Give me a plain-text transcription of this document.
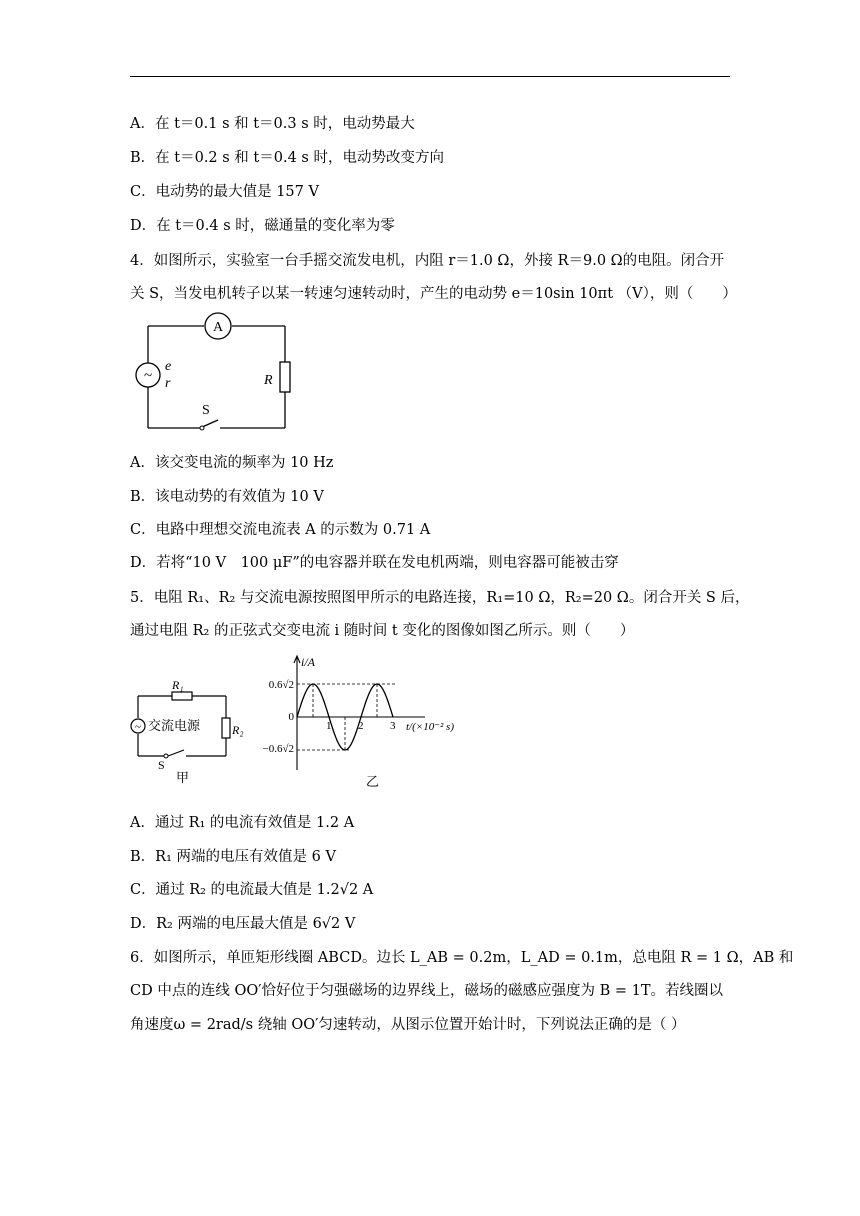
A．在 t＝0.1 s 和 t＝0.3 s 时，电动势最大
B．在 t＝0.2 s 和 t＝0.4 s 时，电动势改变方向
C．电动势的最大值是 157 V
D．在 t＝0.4 s 时，磁通量的变化率为零
4．如图所示，实验室一台手摇交流发电机，内阻 r＝1.0 Ω，外接 R＝9.0 Ω的电阻。闭合开
关 S，当发电机转子以某一转速匀速转动时，产生的电动势 e＝10sin 10πt （V），则（　　）
A
~
e
r	R
S
A．该交变电流的频率为 10 Hz
B．该电动势的有效值为 10 V
C．电路中理想交流电流表 A 的示数为 0.71 A
D．若将“10 V　100 μF”的电容器并联在发电机两端，则电容器可能被击穿
5．电阻 R₁、R₂ 与交流电源按照图甲所示的电路连接，R₁=10 Ω，R₂=20 Ω。闭合开关 S 后，
通过电阻 R₂ 的正弦式交变电流 i 随时间 t 变化的图像如图乙所示。则（　　）
R₁
R₂
~ 交流电源
S
甲
i/A
0.6√2
0
−0.6√2
t/(×10⁻² s)
1 2 3
乙
A．通过 R₁ 的电流有效值是 1.2 A
B．R₁ 两端的电压有效值是 6 V
C．通过 R₂ 的电流最大值是 1.2√2 A
D．R₂ 两端的电压最大值是 6√2 V
6．如图所示，单匝矩形线圈 ABCD。边长 L_AB = 0.2m，L_AD = 0.1m，总电阻 R = 1 Ω，AB 和
CD 中点的连线 OO′恰好位于匀强磁场的边界线上，磁场的磁感应强度为 B = 1T。若线圈以
角速度ω = 2rad/s 绕轴 OO′匀速转动，从图示位置开始计时，下列说法正确的是（ ）
